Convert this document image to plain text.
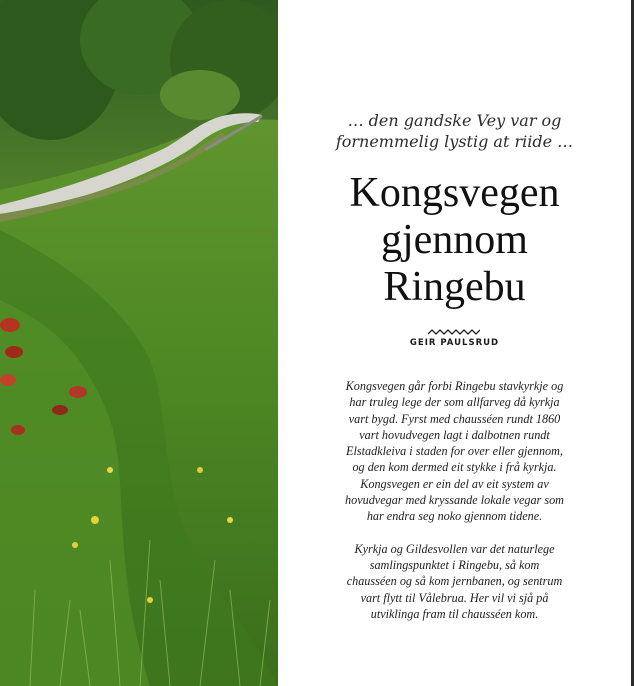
… den gandske Vey var og
fornemmelig lystig at riide …
Kongsvegen
gjennom
Ringebu
GEIR PAULSRUD
Kongsvegen går forbi Ringebu stavkyrkje og
har truleg lege der som allfarveg då kyrkja
vart bygd. Fyrst med chausséen rundt 1860
vart hovudvegen lagt i dalbotnen rundt
Elstadkleiva i staden for over eller gjennom,
og den kom dermed eit stykke i frå kyrkja.
Kongsvegen er ein del av eit system av
hovudvegar med kryssande lokale vegar som
har endra seg noko gjennom tidene.
Kyrkja og Gildesvollen var det naturlege
samlingspunktet i Ringebu, så kom
chausséen og så kom jernbanen, og sentrum
vart flytt til Vålebrua. Her vil vi sjå på
utviklinga fram til chausséen kom.
